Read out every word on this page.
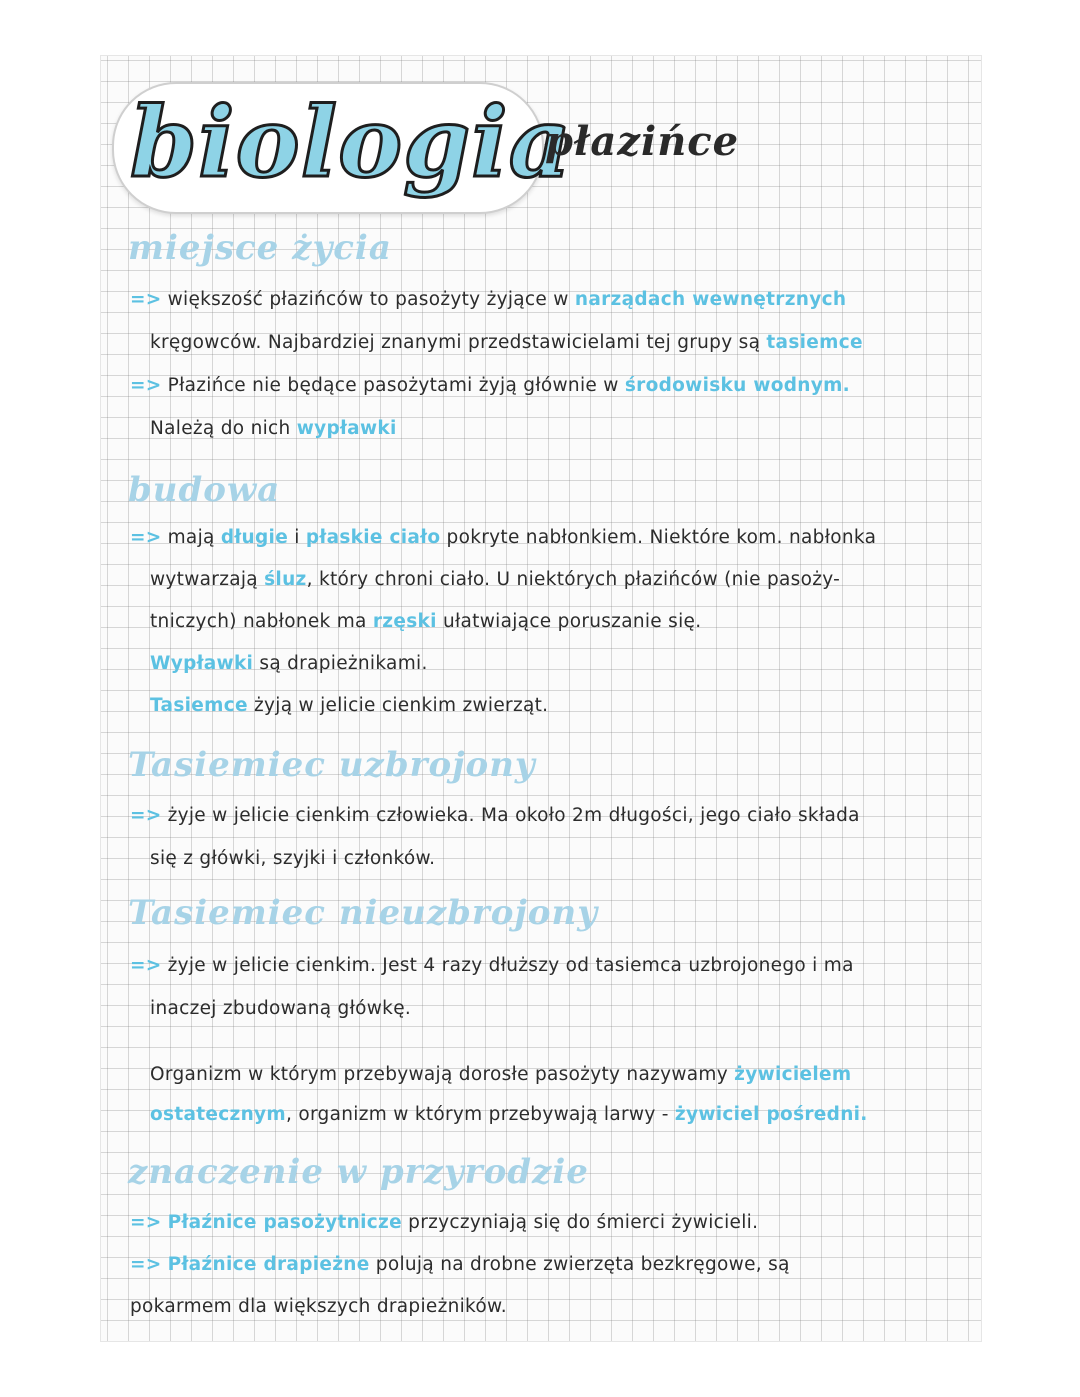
biologia
płazińce
miejsce życia
=> większość płazińców to pasożyty żyjące w narządach wewnętrznych
kręgowców. Najbardziej znanymi przedstawicielami tej grupy są tasiemce
=> Płazińce nie będące pasożytami żyją głównie w środowisku wodnym.
Należą do nich wypławki
budowa
=> mają długie i płaskie ciało pokryte nabłonkiem. Niektóre kom. nabłonka
wytwarzają śluz, który chroni ciało. U niektórych płazińców (nie pasoży-
tniczych) nabłonek ma rzęski ułatwiające poruszanie się.
Wypławki są drapieżnikami.
Tasiemce żyją w jelicie cienkim zwierząt.
Tasiemiec uzbrojony
=> żyje w jelicie cienkim człowieka. Ma około 2m długości, jego ciało składa
się z główki, szyjki i członków.
Tasiemiec nieuzbrojony
=> żyje w jelicie cienkim. Jest 4 razy dłuższy od tasiemca uzbrojonego i ma
inaczej zbudowaną główkę.
Organizm w którym przebywają dorosłe pasożyty nazywamy żywicielem
ostatecznym, organizm w którym przebywają larwy - żywiciel pośredni.
znaczenie w przyrodzie
=> Płaźnice pasożytnicze przyczyniają się do śmierci żywicieli.
=> Płaźnice drapieżne polują na drobne zwierzęta bezkręgowe, są
pokarmem dla większych drapieżników.
